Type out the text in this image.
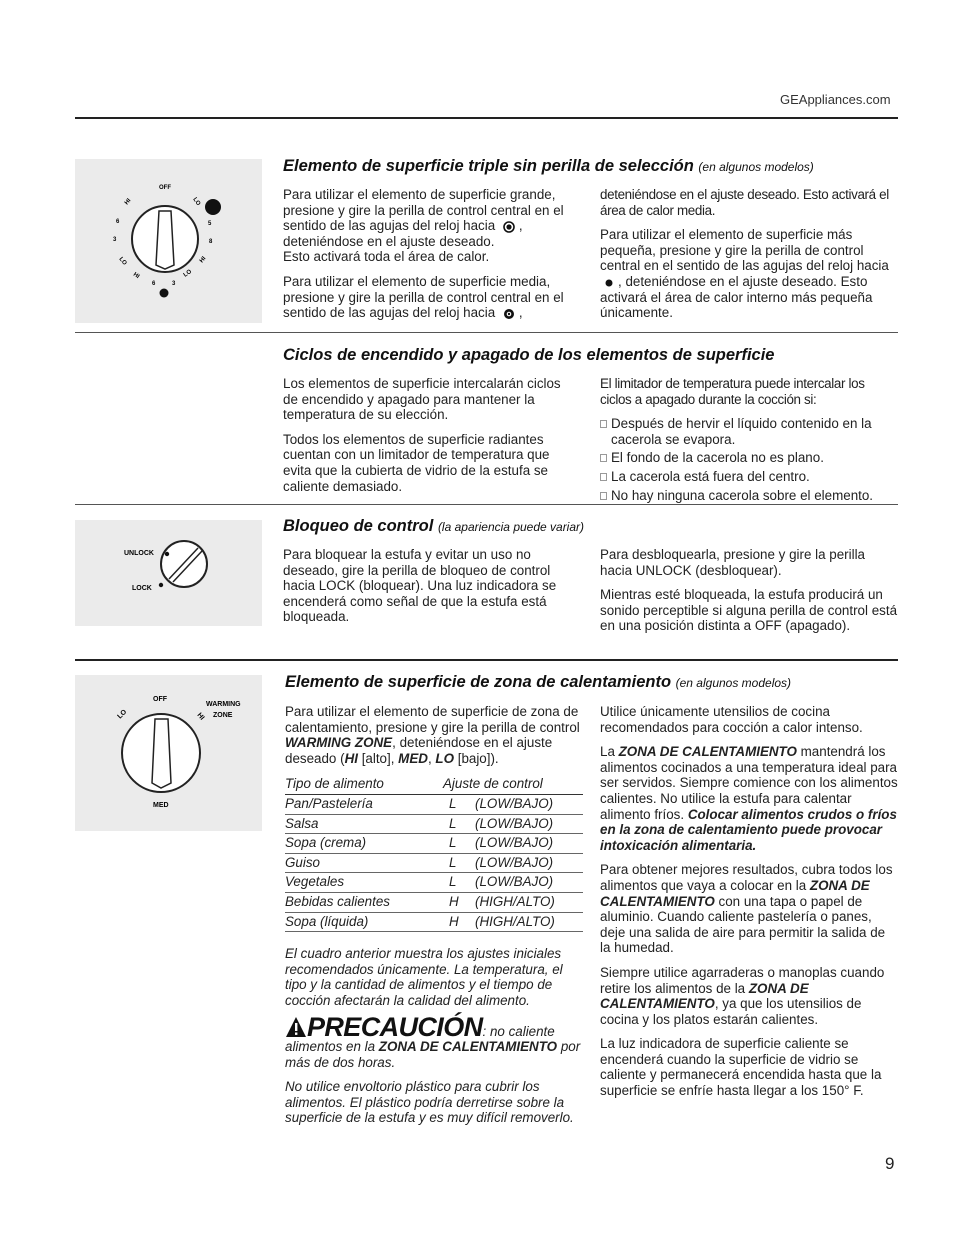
GEAppliances.com
OFF
HI	LO
6
3
5
8
LO	HI
HI	LO
6	3
Elemento de superficie triple sin perilla de selección (en algunos modelos)

Para utilizar el elemento de superficie grande, presione y gire la perilla de control central en el sentido de las agujas del reloj hacia , deteniéndose en el ajuste deseado.
Esto activará toda el área de calor.

Para utilizar el elemento de superficie media, presione y gire la perilla de control central en el sentido de las agujas del reloj hacia ,

deteniéndose en el ajuste deseado. Esto activará el área de calor media.

Para utilizar el elemento de superficie más pequeña, presione y gire la perilla de control central en el sentido de las agujas del reloj hacia , deteniéndose en el ajuste deseado. Esto activará el área de calor interno más pequeña únicamente.

Ciclos de encendido y apagado de los elementos de superficie

Los elementos de superficie intercalarán ciclos de encendido y apagado para mantener la temperatura de su elección.

Todos los elementos de superficie radiantes cuentan con un limitador de temperatura que evita que la cubierta de vidrio de la estufa se caliente demasiado.

El limitador de temperatura puede intercalar los ciclos a apagado durante la cocción si:

Después de hervir el líquido contenido en la cacerola se evapora.
El fondo de la cacerola no es plano.
La cacerola está fuera del centro.
No hay ninguna cacerola sobre el elemento.
UNLOCK
LOCK
Bloqueo de control (la apariencia puede variar)

Para bloquear la estufa y evitar un uso no deseado, gire la perilla de bloqueo de control hacia LOCK (bloquear). Una luz indicadora se encenderá como señal de que la estufa está bloqueada.

Para desbloquearla, presione y gire la perilla hacia UNLOCK (desbloquear).

Mientras esté bloqueada, la estufa producirá un sonido perceptible si alguna perilla de control está en una posición distinta a OFF (apagado).

OFF
LO	HI
MED
WARMING
ZONE
Elemento de superficie de zona de calentamiento (en algunos modelos)

Para utilizar el elemento de superficie de zona de calentamiento, presione y gire la perilla de control WARMING ZONE, deteniéndose en el ajuste deseado (HI [alto], MED, LO [bajo]).

Tipo de alimento	Ajuste de control	
Pan/Pastelería	L	(LOW/BAJO)
Salsa	L	(LOW/BAJO)
Sopa (crema)	L	(LOW/BAJO)
Guiso	L	(LOW/BAJO)
Vegetales	L	(LOW/BAJO)
Bebidas calientes	H	(HIGH/ALTO)
Sopa (líquida)	H	(HIGH/ALTO)

El cuadro anterior muestra los ajustes iniciales recomendados únicamente. La temperatura, el tipo y la cantidad de alimentos y el tiempo de cocción afectarán la calidad del alimento.

PRECAUCIÓN: no caliente alimentos en la ZONA DE CALENTAMIENTO por más de dos horas.

No utilice envoltorio plástico para cubrir los alimentos. El plástico podría derretirse sobre la superficie de la estufa y es muy difícil removerlo.

Utilice únicamente utensilios de cocina recomendados para cocción a calor intenso.

La ZONA DE CALENTAMIENTO mantendrá los alimentos cocinados a una temperatura ideal para ser servidos. Siempre comience con los alimentos calientes. No utilice la estufa para calentar alimento fríos. Colocar alimentos crudos o fríos en la zona de calentamiento puede provocar intoxicación alimentaria.

Para obtener mejores resultados, cubra todos los alimentos que vaya a colocar en la ZONA DE CALENTAMIENTO con una tapa o papel de aluminio. Cuando caliente pastelería o panes, deje una salida de aire para permitir la salida de la humedad.

Siempre utilice agarraderas o manoplas cuando retire los alimentos de la ZONA DE CALENTAMIENTO, ya que los utensilios de cocina y los platos estarán calientes.

La luz indicadora de superficie caliente se encenderá cuando la superficie de vidrio se caliente y permanecerá encendida hasta que la superficie se enfríe hasta llegar a los 150° F.

9
